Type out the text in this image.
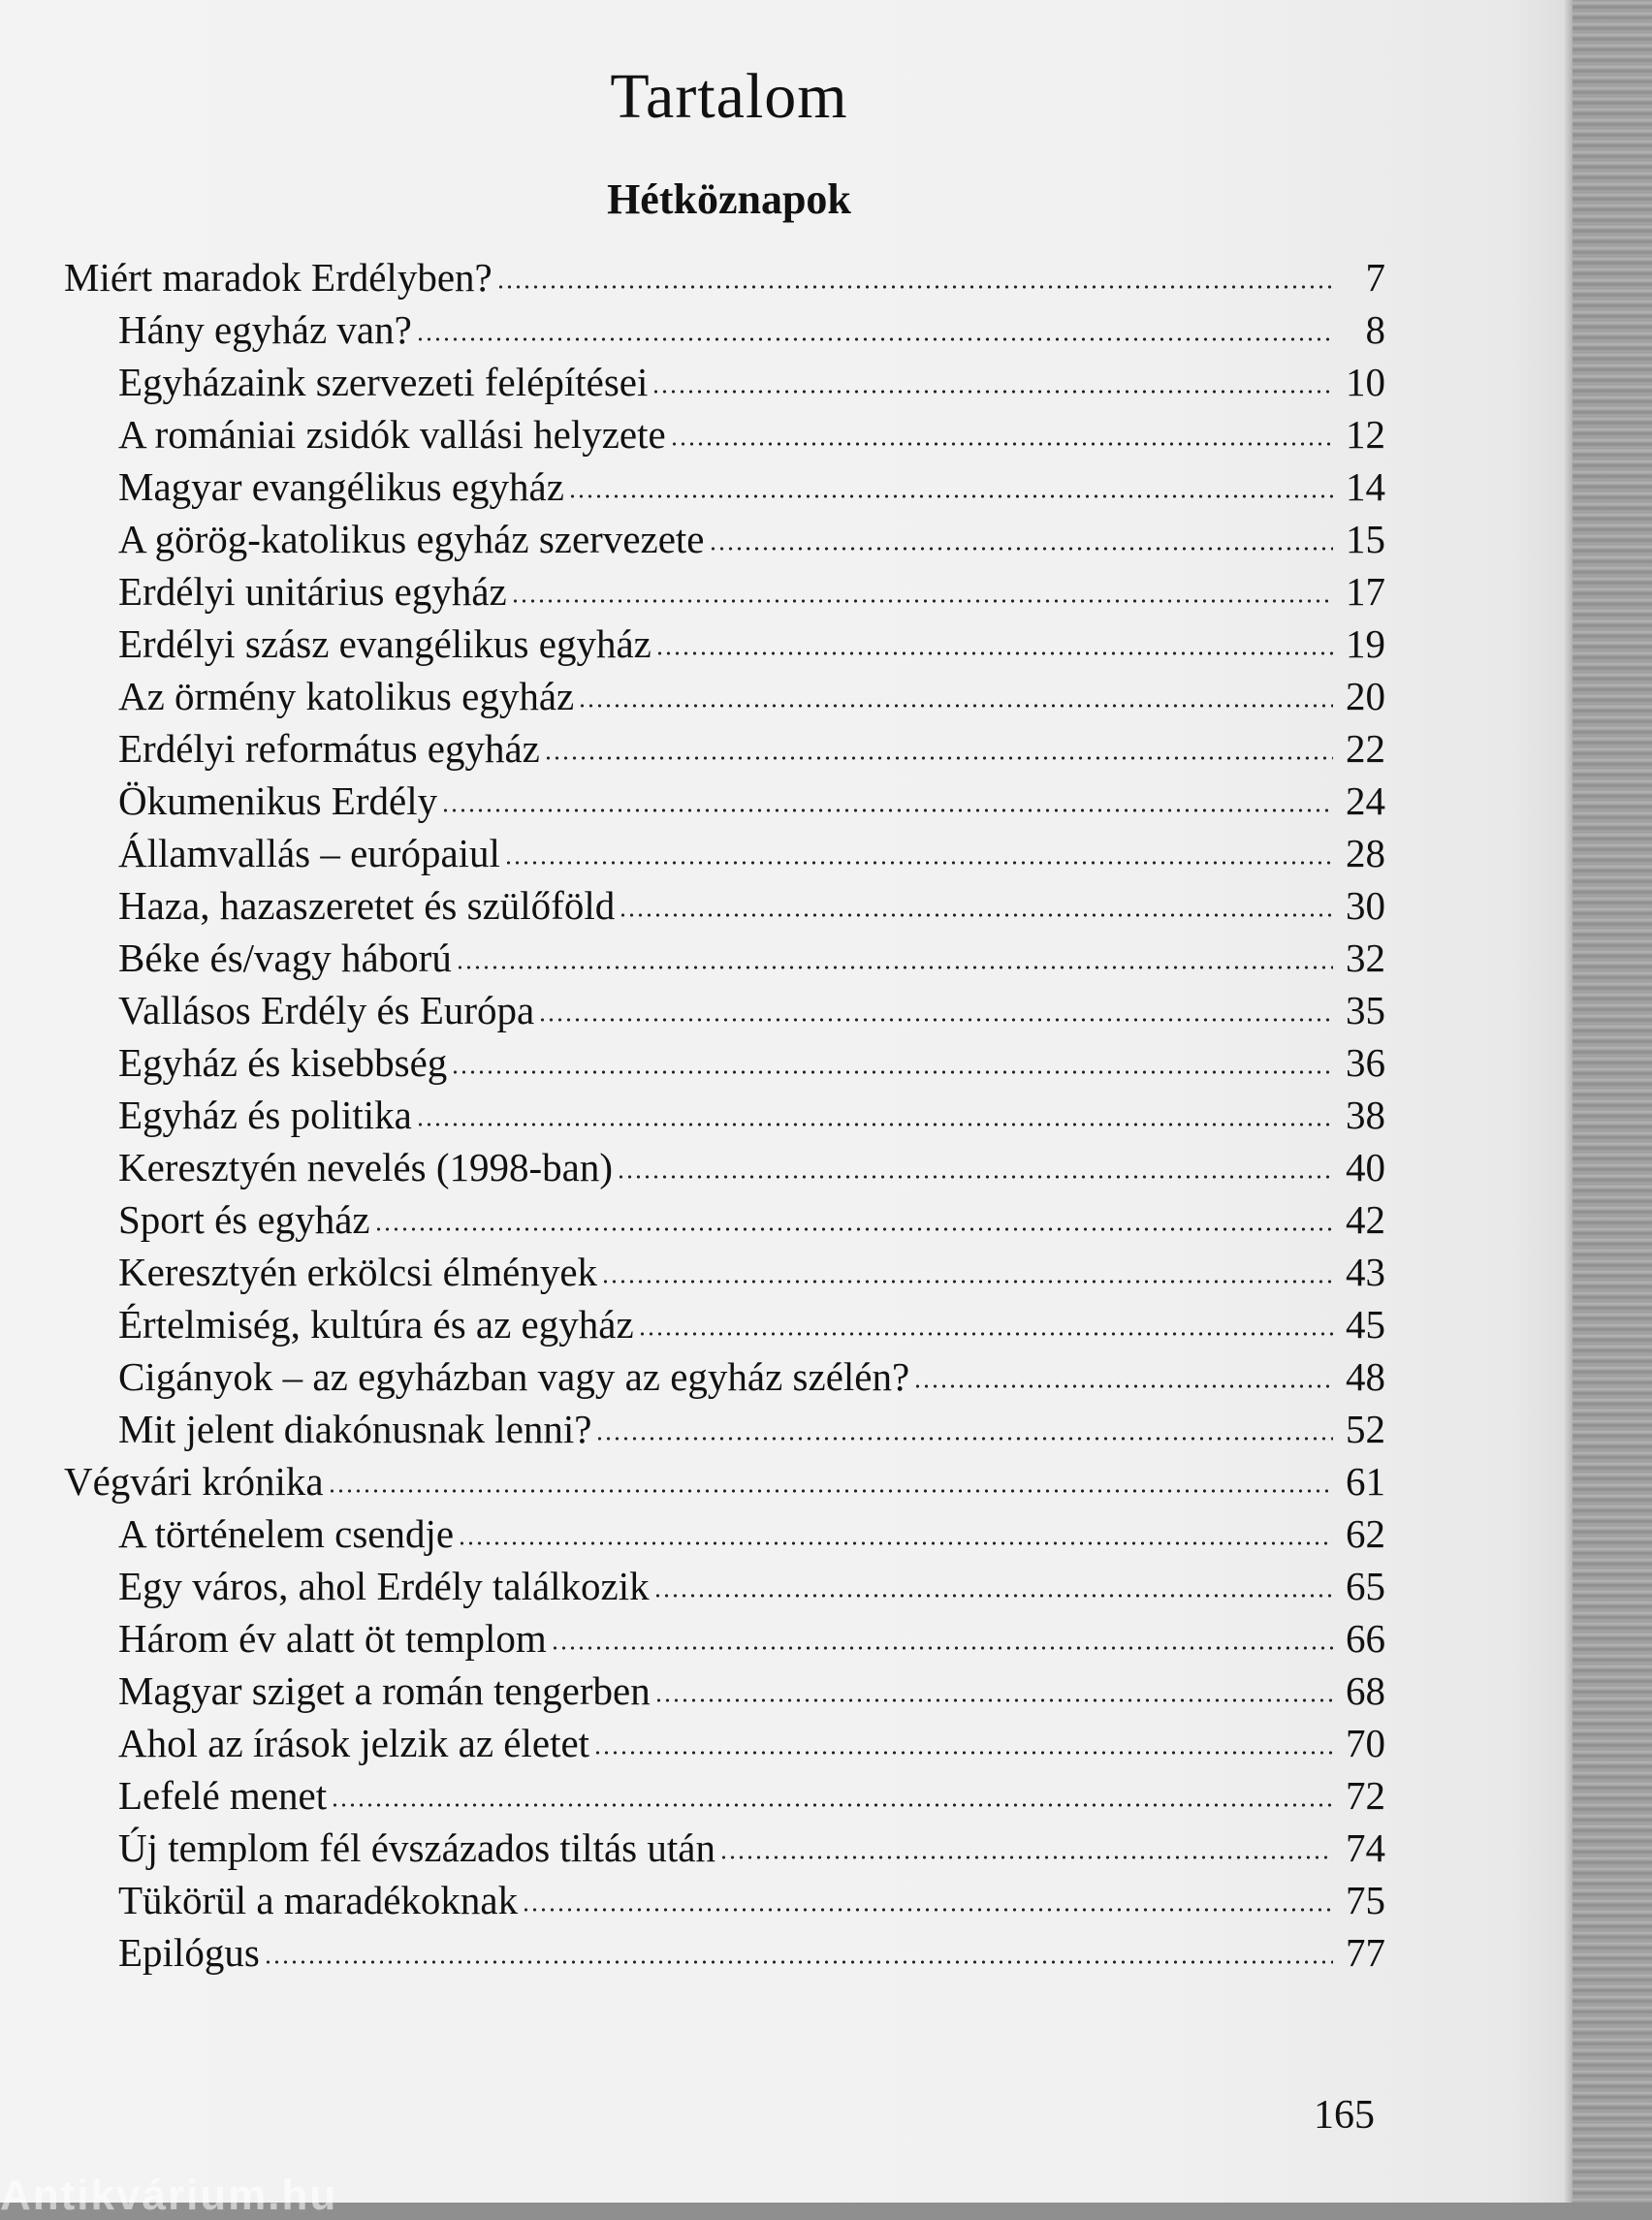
Tartalom
Hétköznapok
Miért maradok Erdélyben?	7
Hány egyház van?	8
Egyházaink szervezeti felépítései	10
A romániai zsidók vallási helyzete	12
Magyar evangélikus egyház	14
A görög-katolikus egyház szervezete	15
Erdélyi unitárius egyház	17
Erdélyi szász evangélikus egyház	19
Az örmény katolikus egyház	20
Erdélyi református egyház	22
Ökumenikus Erdély	24
Államvallás – európaiul	28
Haza, hazaszeretet és szülőföld	30
Béke és/vagy háború	32
Vallásos Erdély és Európa	35
Egyház és kisebbség	36
Egyház és politika	38
Keresztyén nevelés (1998-ban)	40
Sport és egyház	42
Keresztyén erkölcsi élmények	43
Értelmiség, kultúra és az egyház	45
Cigányok – az egyházban vagy az egyház szélén?	48
Mit jelent diakónusnak lenni?	52
Végvári krónika	61
A történelem csendje	62
Egy város, ahol Erdély találkozik	65
Három év alatt öt templom	66
Magyar sziget a román tengerben	68
Ahol az írások jelzik az életet	70
Lefelé menet	72
Új templom fél évszázados tiltás után	74
Tükörül a maradékoknak	75
Epilógus	77
165
Antikvárium.hu
